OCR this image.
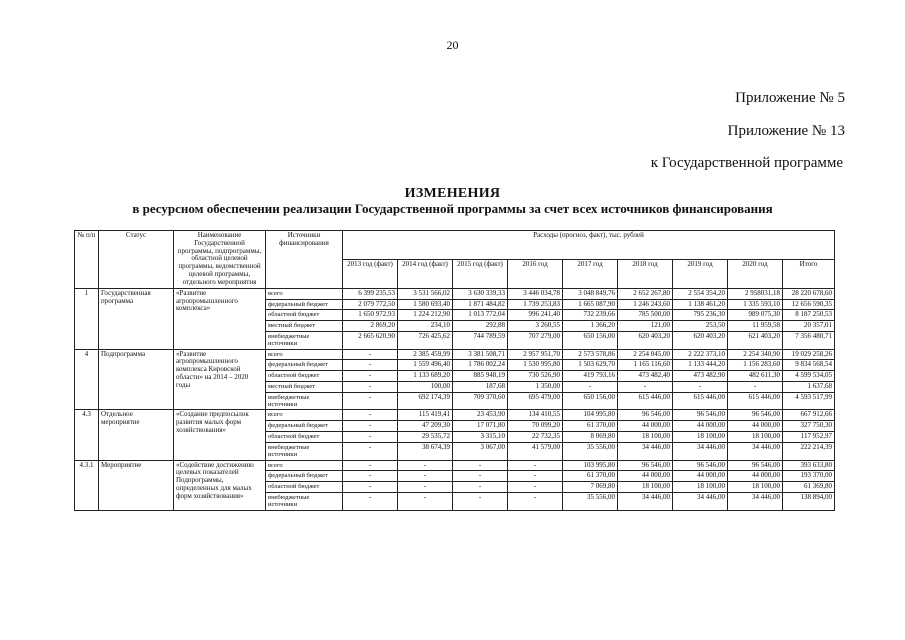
20
Приложение № 5
Приложение № 13
к Государственной программе
ИЗМЕНЕНИЯ
в ресурсном обеспечении реализации Государственной программы за счет всех источников финансирования
№ п/п	Статус	Наименование Государственной программы, подпрограммы, областной целевой программы, ведомственной целевой программы, отдельного мероприятия	Источники финансирования	Расходы (прогноз, факт), тыс. рублей								
				2013 год (факт)	2014 год (факт)	2015 год (факт)	2016 год	2017 год	2018 год	2019 год	2020 год	Итого
1	Государственная программа	«Развитие агропромышленного комплекса»	всего	6 399 235,53	3 531 566,02	3 630 339,33	3 446 034,78	3 048 849,76	2 652 267,80	2 554 354,20	2 958031,18	28 220 678,60
			федеральный бюджет	2 079 772,50	1 580 693,40	1 871 484,82	1 739 253,83	1 665 087,90	1 246 243,60	1 138 461,20	1 335 593,10	12 656 590,35
			областной бюджет	1 650 972,93	1 224 212,90	1 013 772,04	996 241,40	732 239,66	785 500,00	795 236,30	989 075,30	8 187 250,53
			местный бюджет	2 869,20	234,10	292,88	3 260,55	1 366,20	121,00	253,50	11 959,58	20 357,01
			внебюджетные источники	2 665 620,90	726 425,62	744 789,59	707 279,00	650 156,00	620 403,20	620 403,20	621 403,20	7 356 480,71
4	Подпрограмма	«Развитие агропромышленного комплекса Кировской области» на 2014 – 2020 годы	всего	-	2 385 459,99	3 381 508,71	2 957 951,70	2 573 578,86	2 254 045,00	2 222 373,10	2 254 340,90	19 029 258,26
			федеральный бюджет	-	1 559 496,40	1 786 002,24	1 530 995,80	1 503 629,70	1 165 116,60	1 133 444,20	1 156 283,60	9 834 568,54
			областной бюджет	-	1 133 689,20	885 948,19	730 526,90	419 793,16	473 482,40	473 482,90	482 611,30	4 599 534,05
			местный бюджет	-	100,00	187,68	1 350,00	-	-	-	-	1 637,68
			внебюджетные источники	-	692 174,39	709 370,60	695 479,00	650 156,00	615 446,00	615 446,00	615 446,00	4 593 517,99
4.3	Отдельное мероприятие	«Создание предпосылок развития малых форм хозяйствования»	всего	-	115 419,41	23 453,90	134 410,55	104 995,80	96 546,00	96 546,00	96 546,00	667 912,66
			федеральный бюджет	-	47 209,30	17 071,80	70 099,20	61 370,00	44 000,00	44 000,00	44 000,00	327 750,30
			областной бюджет	-	29 535,72	3 315,10	22 732,35	8 069,80	18 100,00	18 100,00	18 100,00	117 952,97
			внебюджетные источники	-	38 674,39	3 067,00	41 579,00	35 556,00	34 446,00	34 446,00	34 446,00	222 214,39
4.3.1	Мероприятие	«Содействие достижению целевых показателей Подпрограммы, определенных для малых форм хозяйствования»	всего	-	-	-	-	103 995,80	96 546,00	96 546,00	96 546,00	393 633,80
			федеральный бюджет	-	-	-	-	61 370,00	44 000,00	44 000,00	44 000,00	193 370,00
			областной бюджет	-	-	-	-	7 069,80	18 100,00	18 100,00	18 100,00	61 369,80
			внебюджетные источники	-	-	-	-	35 556,00	34 446,00	34 446,00	34 446,00	138 894,00
